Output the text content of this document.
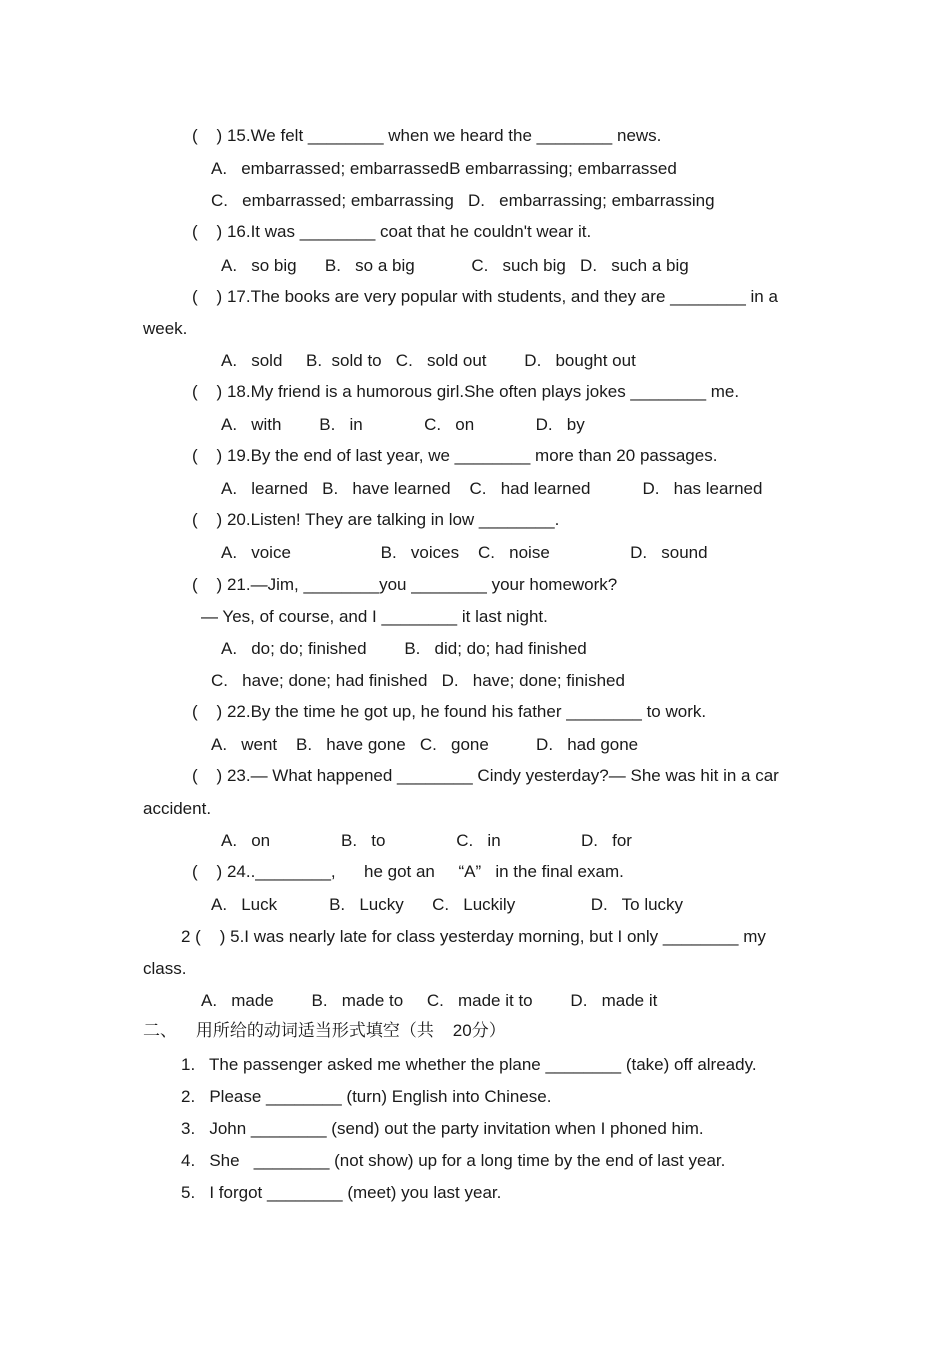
(    ) 15.We felt ________ when we heard the ________ news.
A.   embarrassed; embarrassedB embarrassing; embarrassed
C.   embarrassed; embarrassing   D.   embarrassing; embarrassing
(    ) 16.It was ________ coat that he couldn't wear it.
A.   so big      B.   so a big            C.   such big   D.   such a big
(    ) 17.The books are very popular with students, and they are ________ in a
week.
A.   sold     B.  sold to   C.   sold out        D.   bought out
(    ) 18.My friend is a humorous girl.She often plays jokes ________ me.
A.   with        B.   in             C.   on             D.   by
(    ) 19.By the end of last year, we ________ more than 20 passages.
A.   learned   B.   have learned    C.   had learned           D.   has learned
(    ) 20.Listen! They are talking in low ________.
A.   voice                   B.   voices    C.   noise                 D.   sound
(    ) 21.—Jim, ________you ________ your homework?
— Yes, of course, and I ________ it last night.
A.   do; do; finished        B.   did; do; had finished
C.   have; done; had finished   D.   have; done; finished
(    ) 22.By the time he got up, he found his father ________ to work.
A.   went    B.   have gone   C.   gone          D.   had gone
(    ) 23.— What happened ________ Cindy yesterday?— She was hit in a car
accident.
A.   on               B.   to               C.   in                 D.   for
(    ) 24..________,      he got an     “A”   in the final exam.
A.   Luck           B.   Lucky      C.   Luckily                D.   To lucky
2 (    ) 5.I was nearly late for class yesterday morning, but I only ________ my
class.
A.   made        B.   made to     C.   made it to        D.   made it
二、    用所给的动词适当形式填空（共    20分）
1.   The passenger asked me whether the plane ________ (take) off already.
2.   Please ________ (turn) English into Chinese.
3.   John ________ (send) out the party invitation when I phoned him.
4.   She   ________ (not show) up for a long time by the end of last year.
5.   I forgot ________ (meet) you last year.
